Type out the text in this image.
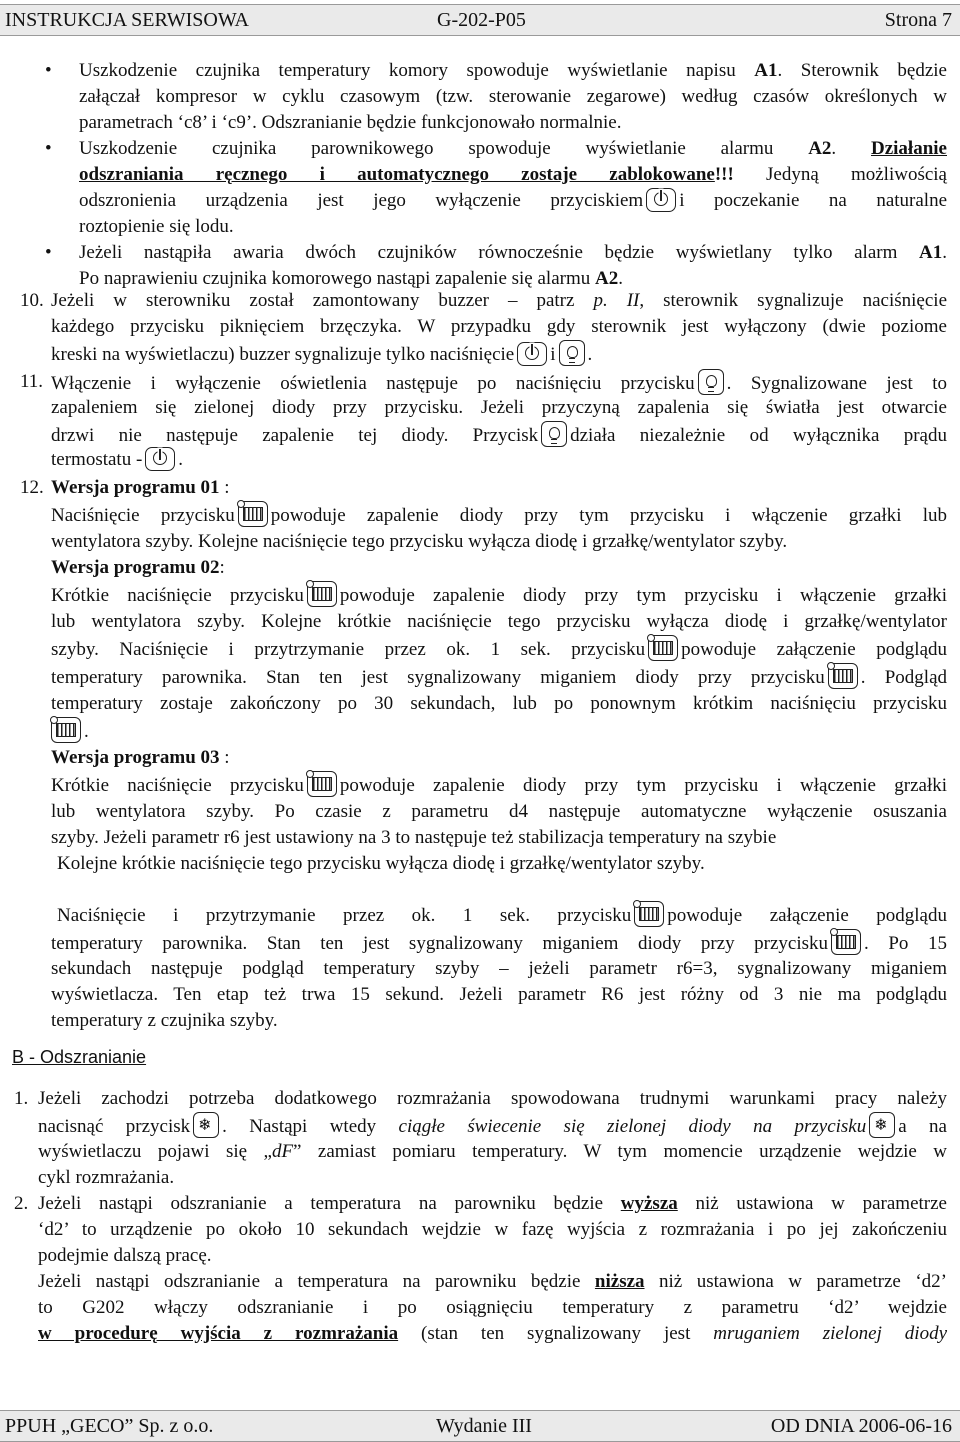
INSTRUKCJA SERWISOWA	G-202-P05	Strona 7
• Uszkodzenie czujnika temperatury komory spowoduje wyświetlanie napisu A1. Sterownik będzie
załączał kompresor w cyklu czasowym (tzw. sterowanie zegarowe) według czasów określonych w
parametrach ‘c8’ i ‘c9’. Odszranianie będzie funkcjonowało normalnie.
• Uszkodzenie czujnika parownikowego spowoduje wyświetlanie alarmu A2. Działanie
odszraniania ręcznego i automatycznego zostaje zablokowane!!! Jedyną możliwością
odszronienia urządzenia jest jego wyłączenie przyciskiem i poczekanie na naturalne
roztopienie się lodu.
• Jeżeli nastąpiła awaria dwóch czujników równocześnie będzie wyświetlany tylko alarm A1.
Po naprawieniu czujnika komorowego nastąpi zapalenie się alarmu A2.
10. Jeżeli w sterowniku został zamontowany buzzer – patrz p. II, sterownik sygnalizuje naciśnięcie
każdego przycisku piknięciem brzęczyka. W przypadku gdy sterownik jest wyłączony (dwie poziome
kreski na wyświetlaczu) buzzer sygnalizuje tylko naciśnięcie i .
11. Włączenie i wyłączenie oświetlenia następuje po naciśnięciu przycisku . Sygnalizowane jest to
zapaleniem się zielonej diody przy przycisku. Jeżeli przyczyną zapalenia się światła jest otwarcie
drzwi nie następuje zapalenie tej diody. Przycisk działa niezależnie od wyłącznika prądu
termostatu - .
12. Wersja programu 01 :
Naciśnięcie przycisku powoduje zapalenie diody przy tym przycisku i włączenie grzałki lub
wentylatora szyby. Kolejne naciśnięcie tego przycisku wyłącza diodę i grzałkę/wentylator szyby.
Wersja programu 02:
Krótkie naciśnięcie przycisku powoduje zapalenie diody przy tym przycisku i włączenie grzałki
lub wentylatora szyby. Kolejne krótkie naciśnięcie tego przycisku wyłącza diodę i grzałkę/wentylator
szyby. Naciśnięcie i przytrzymanie przez ok. 1 sek. przycisku powoduje załączenie podglądu
temperatury parownika. Stan ten jest sygnalizowany miganiem diody przy przycisku . Podgląd
temperatury zostaje zakończony po 30 sekundach, lub po ponownym krótkim naciśnięciu przycisku
.
Wersja programu 03 :
Krótkie naciśnięcie przycisku powoduje zapalenie diody przy tym przycisku i włączenie grzałki
lub wentylatora szyby. Po czasie z parametru d4 następuje automatyczne wyłączenie osuszania
szyby. Jeżeli parametr r6 jest ustawiony na 3 to następuje też stabilizacja temperatury na szybie
Kolejne krótkie naciśnięcie tego przycisku wyłącza diodę i grzałkę/wentylator szyby.
Naciśnięcie i przytrzymanie przez ok. 1 sek. przycisku powoduje załączenie podglądu
temperatury parownika. Stan ten jest sygnalizowany miganiem diody przy przycisku . Po 15
sekundach następuje podgląd temperatury szyby – jeżeli parametr r6=3, sygnalizowany miganiem
wyświetlacza. Ten etap też trwa 15 sekund. Jeżeli parametr R6 jest różny od 3 nie ma podglądu
temperatury z czujnika szyby.
B - Odszranianie
1. Jeżeli zachodzi potrzeba dodatkowego rozmrażania spowodowana trudnymi warunkami pracy należy
nacisnąć przycisk ❄ . Nastąpi wtedy ciągłe świecenie się zielonej diody na przycisku ❄ a na
wyświetlaczu pojawi się „dF” zamiast pomiaru temperatury. W tym momencie urządzenie wejdzie w
cykl rozmrażania.
2. Jeżeli nastąpi odszranianie a temperatura na parowniku będzie wyższa niż ustawiona w parametrze
‘d2’ to urządzenie po około 10 sekundach wejdzie w fazę wyjścia z rozmrażania i po jej zakończeniu
podejmie dalszą pracę.
Jeżeli nastąpi odszranianie a temperatura na parowniku będzie niższa niż ustawiona w parametrze ‘d2’
to G202 włączy odszranianie i po osiągnięciu temperatury z parametru ‘d2’ wejdzie
w procedurę wyjścia z rozmrażania (stan ten sygnalizowany jest mruganiem zielonej diody
PPUH „GECO” Sp. z o.o.	Wydanie III	OD DNIA 2006-06-16
